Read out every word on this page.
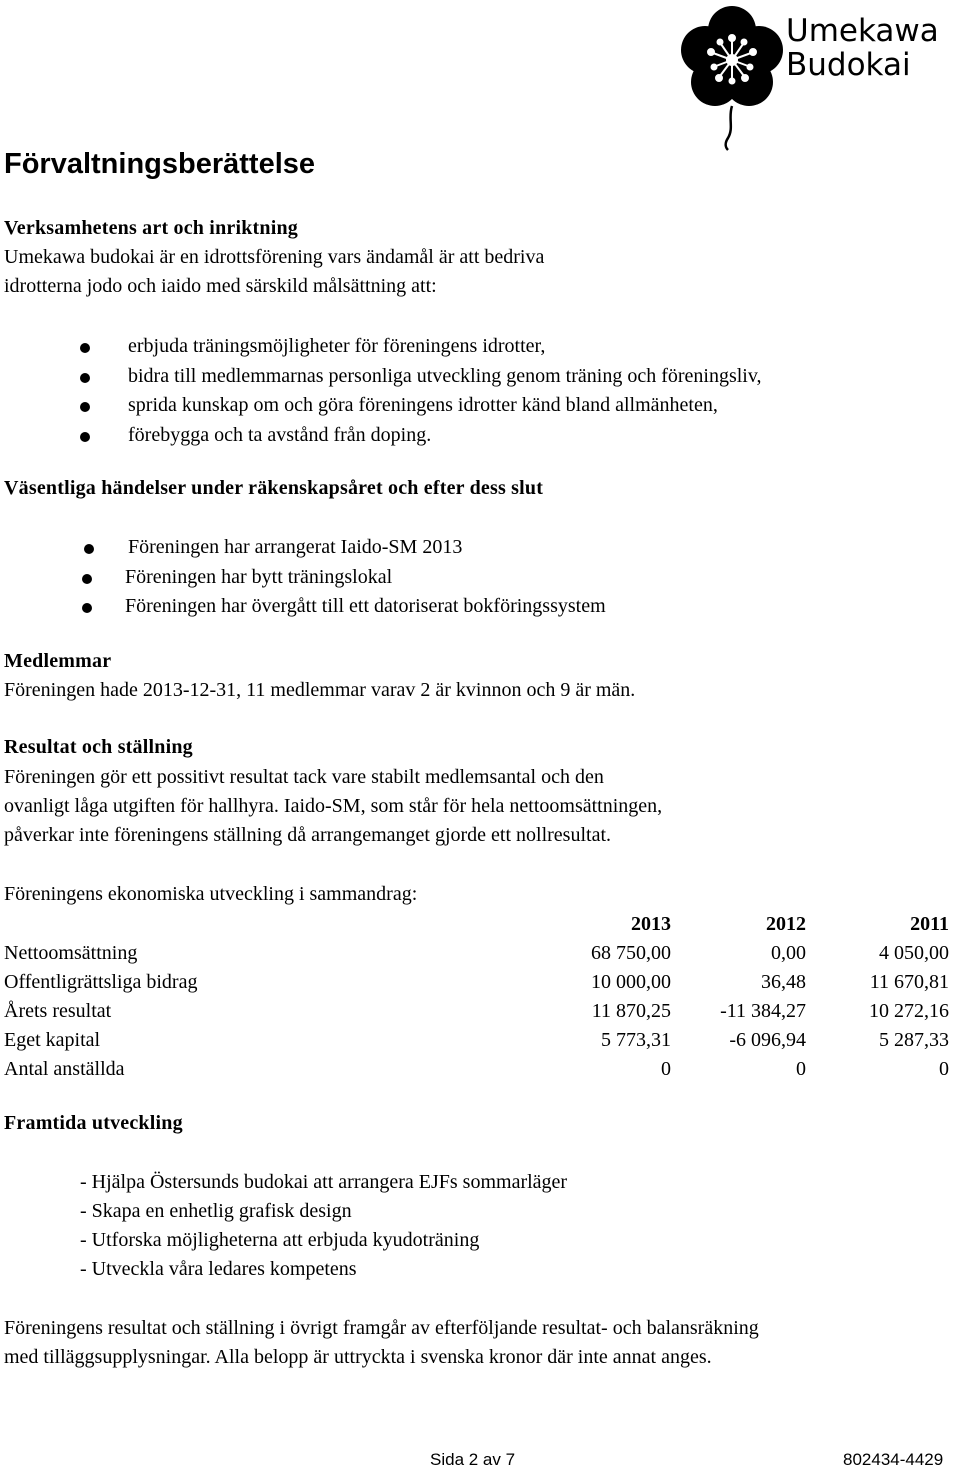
Umekawa
Budokai
Förvaltningsberättelse
Verksamhetens art och inriktning
Umekawa budokai är en idrottsförening vars ändamål är att bedriva
idrotterna jodo och iaido med särskild målsättning att:
erbjuda träningsmöjligheter för föreningens idrotter,
bidra till medlemmarnas personliga utveckling genom träning och föreningsliv,
sprida kunskap om och göra föreningens idrotter känd bland allmänheten,
förebygga och ta avstånd från doping.
Väsentliga händelser under räkenskapsåret och efter dess slut
Föreningen har arrangerat Iaido-SM 2013
Föreningen har bytt träningslokal
Föreningen har övergått till ett datoriserat bokföringssystem
Medlemmar
Föreningen hade 2013-12-31, 11 medlemmar varav 2 är kvinnon och 9 är män.
Resultat och ställning
Föreningen gör ett possitivt resultat tack vare stabilt medlemsantal och den
ovanligt låga utgiften för hallhyra. Iaido-SM, som står för hela nettoomsättningen,
påverkar inte föreningens ställning då arrangemanget gjorde ett nollresultat.
Föreningens ekonomiska utveckling i sammandrag:
	2013	2012	2011
Nettoomsättning	68 750,00	0,00	4 050,00
Offentligrättsliga bidrag	10 000,00	36,48	11 670,81
Årets resultat	11 870,25	-11 384,27	10 272,16
Eget kapital	5 773,31	-6 096,94	5 287,33
Antal anställda	0	0	0
Framtida utveckling
- Hjälpa Östersunds budokai att arrangera EJFs sommarläger
- Skapa en enhetlig grafisk design
- Utforska möjligheterna att erbjuda kyudoträning
- Utveckla våra ledares kompetens
Föreningens resultat och ställning i övrigt framgår av efterföljande resultat- och balansräkning
med tilläggsupplysningar. Alla belopp är uttryckta i svenska kronor där inte annat anges.
Sida 2 av 7	802434-4429
